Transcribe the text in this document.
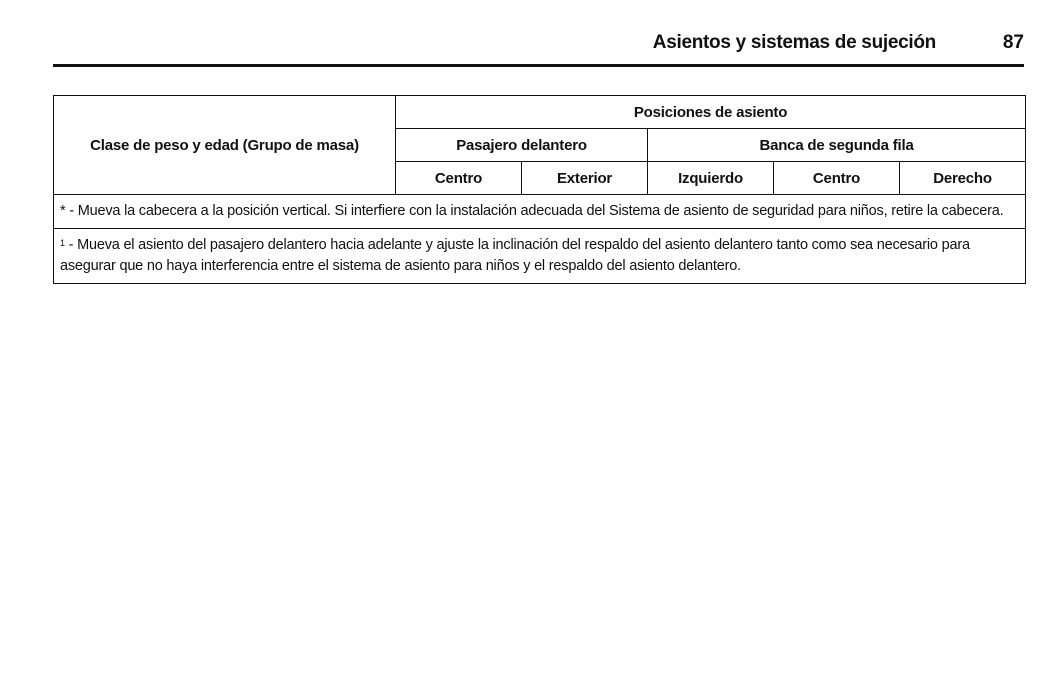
Asientos y sistemas de sujeción	87
Clase de peso y edad (Grupo de masa)	Posiciones de asiento				
	Pasajero delantero		Banca de segunda fila		
	Centro	Exterior	Izquierdo	Centro	Derecho
* - Mueva la cabecera a la posición vertical. Si interfiere con la instalación adecuada del Sistema de asiento de seguridad para niños, retire la cabecera.					
$^1$ - Mueva el asiento del pasajero delantero hacia adelante y ajuste la inclinación del respaldo del asiento delantero tanto como sea necesario para asegurar que no haya interferencia entre el sistema de asiento para niños y el respaldo del asiento delantero.					
